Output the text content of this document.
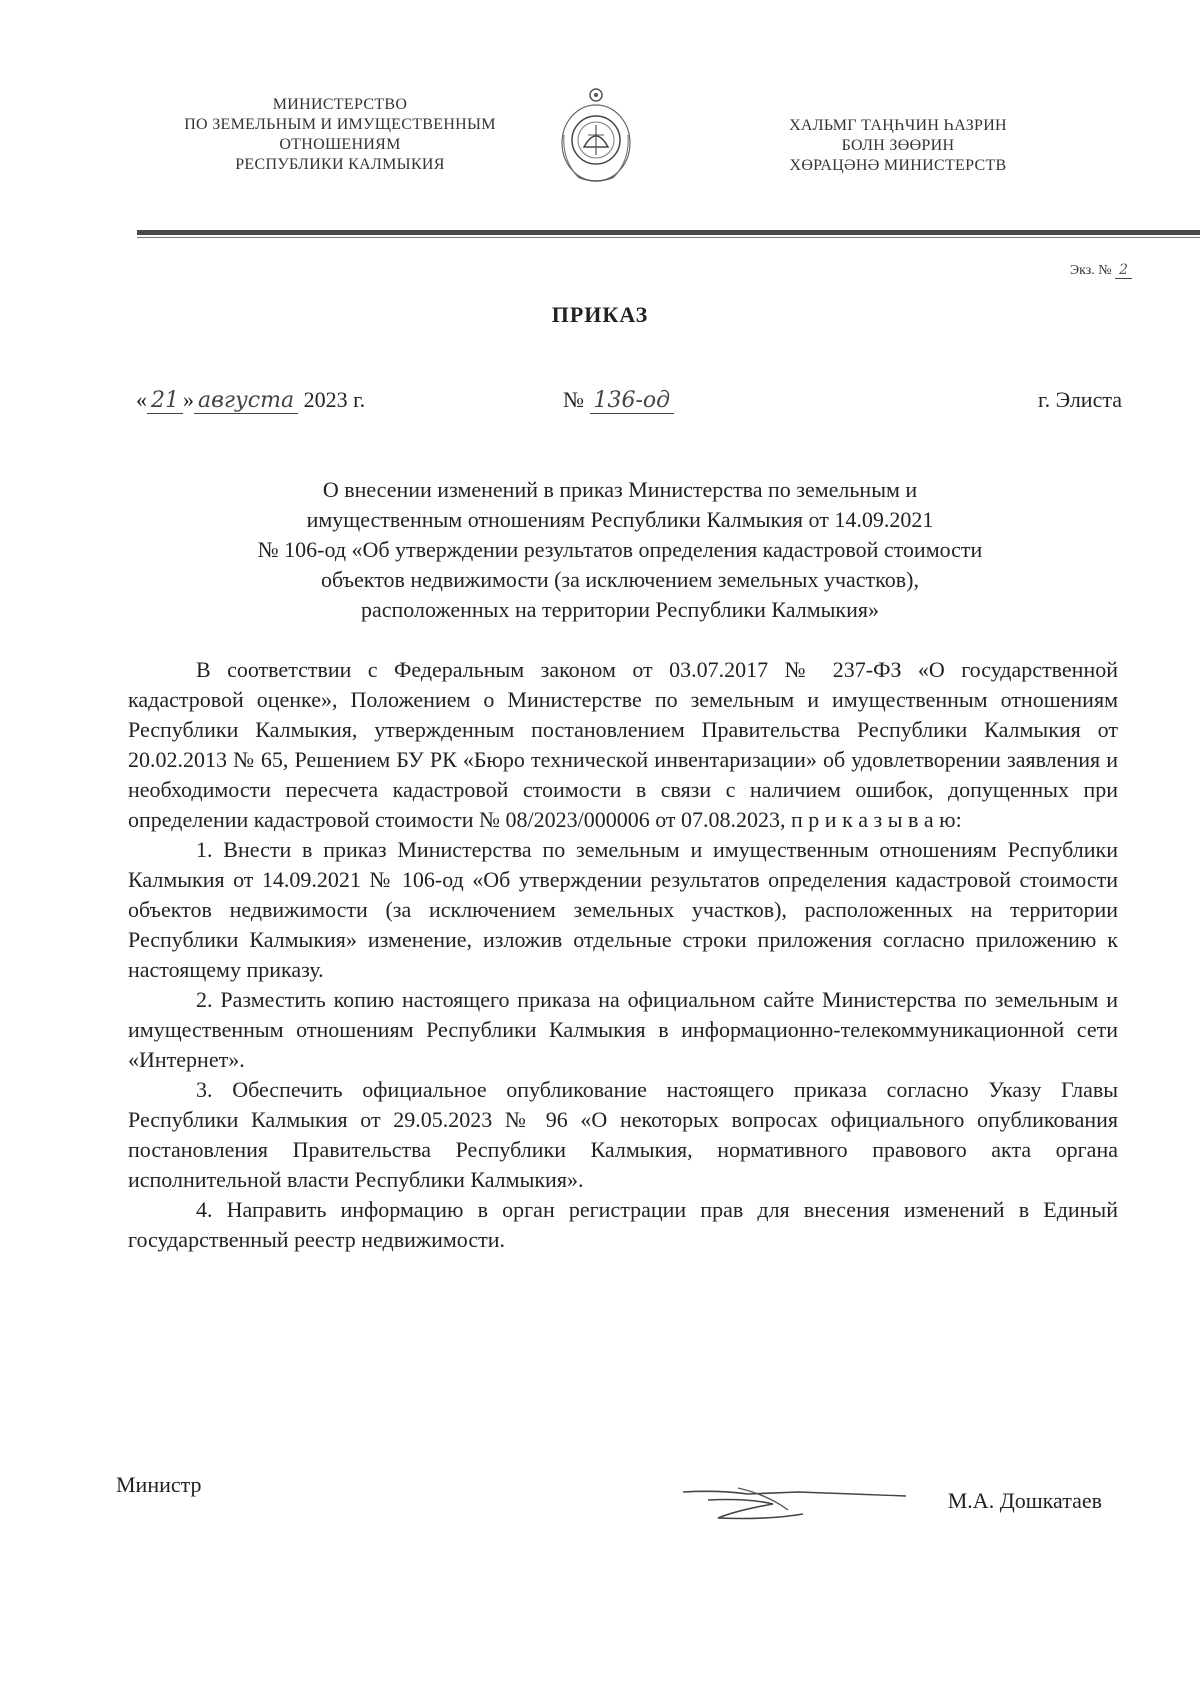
МИНИСТЕРСТВО
ПО ЗЕМЕЛЬНЫМ И ИМУЩЕСТВЕННЫМ
ОТНОШЕНИЯМ
РЕСПУБЛИКИ КАЛМЫКИЯ
ХАЛЬМГ ТАҢҺЧИН ҺАЗРИН
БОЛН ЗӨӨРИН
ХӨРАЦӘНӘ МИНИСТЕРСТВ
Экз. № 2
ПРИКАЗ
« 21 » августа 2023 г.	№ 136-од	г. Элиста
О внесении изменений в приказ Министерства по земельным и
имущественным отношениям Республики Калмыкия от 14.09.2021
№ 106-од «Об утверждении результатов определения кадастровой стоимости
объектов недвижимости (за исключением земельных участков),
расположенных на территории Республики Калмыкия»

В соответствии с Федеральным законом от 03.07.2017 № 237-ФЗ «О государственной кадастровой оценке», Положением о Министерстве по земельным и имущественным отношениям Республики Калмыкия, утвержденным постановлением Правительства Республики Калмыкия от 20.02.2013 № 65, Решением БУ РК «Бюро технической инвентаризации» об удовлетворении заявления и необходимости пересчета кадастровой стоимости в связи с наличием ошибок, допущенных при определении кадастровой стоимости № 08/2023/000006 от 07.08.2023, п р и к а з ы в а ю:

1. Внести в приказ Министерства по земельным и имущественным отношениям Республики Калмыкия от 14.09.2021 № 106-од «Об утверждении результатов определения кадастровой стоимости объектов недвижимости (за исключением земельных участков), расположенных на территории Республики Калмыкия» изменение, изложив отдельные строки приложения согласно приложению к настоящему приказу.

2. Разместить копию настоящего приказа на официальном сайте Министерства по земельным и имущественным отношениям Республики Калмыкия в информационно-телекоммуникационной сети «Интернет».

3. Обеспечить официальное опубликование настоящего приказа согласно Указу Главы Республики Калмыкия от 29.05.2023 № 96 «О некоторых вопросах официального опубликования постановления Правительства Республики Калмыкия, нормативного правового акта органа исполнительной власти Республики Калмыкия».

4. Направить информацию в орган регистрации прав для внесения изменений в Единый государственный реестр недвижимости.

Министр
М.А. Дошкатаев
